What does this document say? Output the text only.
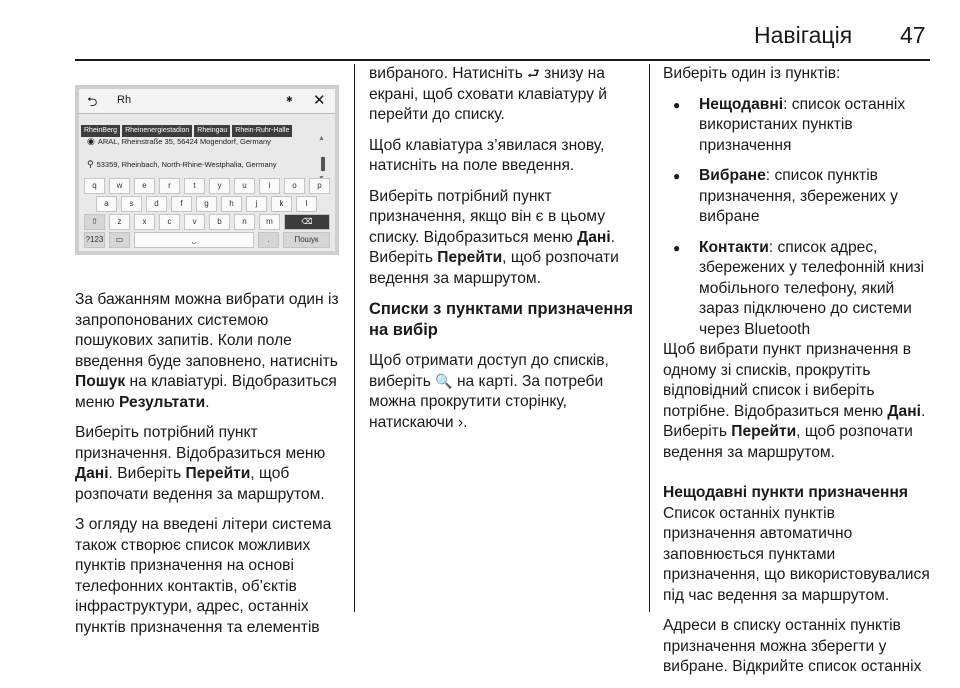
Навігація 47
⮌ Rh	✱ ✕
RheinBerg Rheinenergiestadion Rheingau Rhein-Ruhr-Halle
◉ ARAL, Rheinstraße 35, 56424 Mogendorf, Germany
⚲ 53359, Rheinbach, North-Rhine-Westphalia, Germany
▲
q	w	e	r	t	y	u	i	o	p
a	s	d	f	g	h	j	k	l
⇧	z	x	c	v	b	n	m	⌫
?123	▭	⎵	.	Пошук

За бажанням можна вибрати один із запропонованих системою пошукових запитів. Коли поле введення буде заповнено, натисніть Пошук на клавіатурі. Відобразиться меню Результати.

Виберіть потрібний пункт призначення. Відобразиться меню Дані. Виберіть Перейти, щоб розпочати ведення за маршрутом.

З огляду на введені літери система також створює список можливих пунктів призначення на основі телефонних контактів, об’єктів інфраструктури, адрес, останніх пунктів призначення та елементів

вибраного. Натисніть ⮐ знизу на екрані, щоб сховати клавіатуру й перейти до списку.

Щоб клавіатура з’явилася знову, натисніть на поле введення.

Виберіть потрібний пункт призначення, якщо він є в цьому списку. Відобразиться меню Дані. Виберіть Перейти, щоб розпочати ведення за маршрутом.

Списки з пунктами призначення на вибір

Щоб отримати доступ до списків, виберіть 🔍 на карті. За потреби можна прокрутити сторінку, натискаючи ›.

Виберіть один із пунктів:

● Нещодавні: список останніх використаних пунктів призначення
● Вибране: список пунктів призначення, збережених у вибране
● Контакти: список адрес, збережених у телефонній книзі мобільного телефону, який зараз підключено до системи через Bluetooth

Щоб вибрати пункт призначення в одному зі списків, прокрутіть відповідний список і виберіть потрібне. Відобразиться меню Дані. Виберіть Перейти, щоб розпочати ведення за маршрутом.

Нещодавні пункти призначення

Список останніх пунктів призначення автоматично заповнюється пунктами призначення, що використовувалися під час ведення за маршрутом.

Адреси в списку останніх пунктів призначення можна зберегти у вибране. Відкрийте список останніх
